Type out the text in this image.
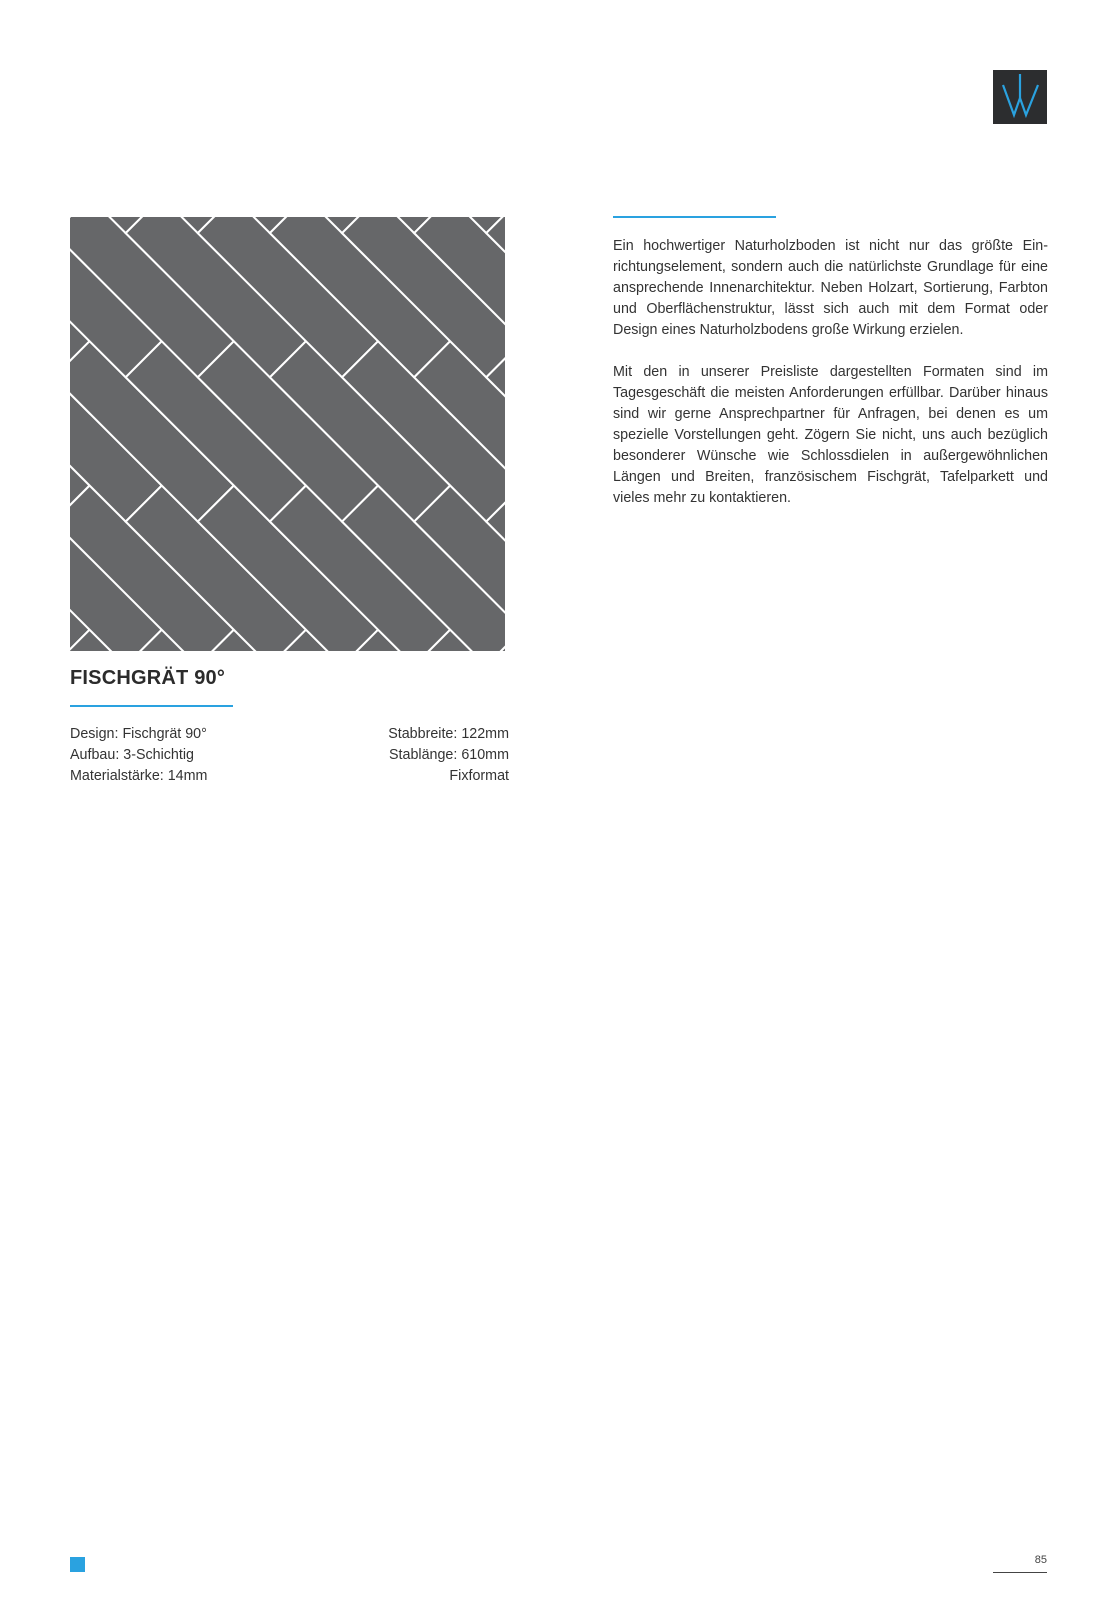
Ein hochwertiger Naturholzboden ist nicht nur das größte Einrichtungselement, sondern auch die natürlichste Grundlage für eine ansprechende Innenarchitektur. Neben Holzart, Sortierung, Farbton und Oberflächenstruktur, lässt sich auch mit dem Format oder Design eines Naturholzbodens große Wirkung erzielen.

Mit den in unserer Preisliste dargestellten Formaten sind im Tagesgeschäft die meisten Anforderungen erfüllbar. Darüber hinaus sind wir gerne Ansprechpartner für Anfragen, bei denen es um spezielle Vorstellungen geht. Zögern Sie nicht, uns auch bezüglich besonderer Wünsche wie Schlossdielen in außergewöhnlichen Längen und Breiten, französischem Fischgrät, Tafelparkett und vieles mehr zu kontaktieren.

FISCHGRÄT 90°
Design: Fischgrät 90°
Aufbau: 3-Schichtig
Materialstärke: 14mm
Stabbreite: 122mm
Stablänge: 610mm
Fixformat
85
